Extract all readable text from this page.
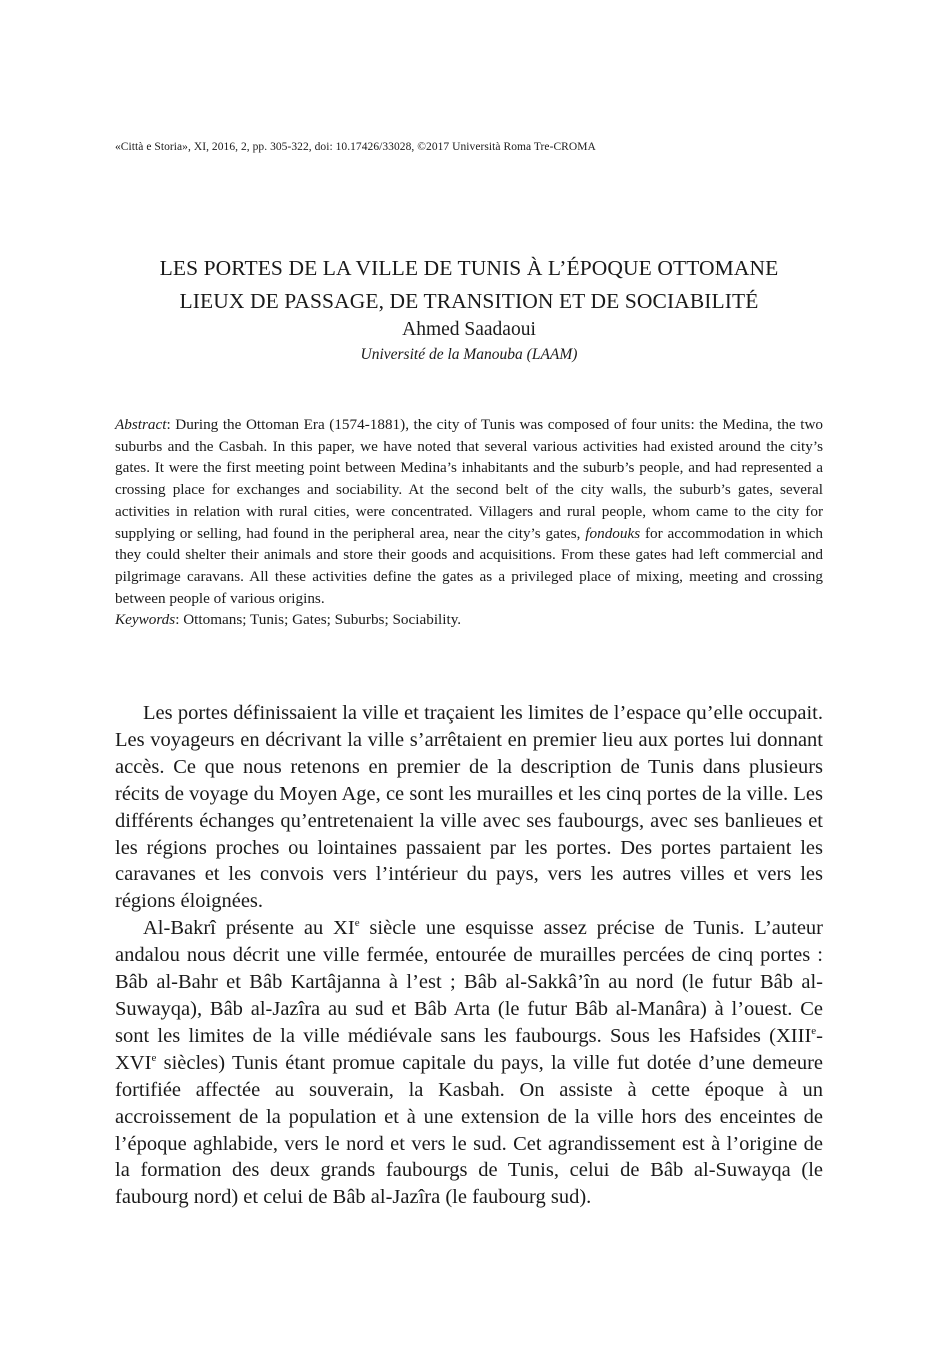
«Città e Storia», XI, 2016, 2, pp. 305-322, doi: 10.17426/33028, ©2017 Università Roma Tre-CROMA
LES PORTES DE LA VILLE DE TUNIS À L’ÉPOQUE OTTOMANE
LIEUX DE PASSAGE, DE TRANSITION ET DE SOCIABILITÉ
Ahmed Saadaoui
Université de la Manouba (LAAM)

Abstract: During the Ottoman Era (1574-1881), the city of Tunis was composed of four units: the Medina, the two suburbs and the Casbah. In this paper, we have noted that several various activities had existed around the city’s gates. It were the first meeting point between Medina’s inhabitants and the suburb’s people, and had represented a crossing place for exchanges and sociability. At the second belt of the city walls, the suburb’s gates, several activities in relation with rural cities, were concentrated. Villagers and rural people, whom came to the city for supplying or selling, had found in the peripheral area, near the city’s gates, fondouks for accommodation in which they could shelter their animals and store their goods and acquisitions. From these gates had left commercial and pilgrimage caravans. All these activities define the gates as a privileged place of mixing, meeting and crossing between people of various origins.

Keywords: Ottomans; Tunis; Gates; Suburbs; Sociability.

Les portes définissaient la ville et traçaient les limites de l’espace qu’elle occupait. Les voyageurs en décrivant la ville s’arrêtaient en premier lieu aux portes lui donnant accès. Ce que nous retenons en premier de la description de Tunis dans plusieurs récits de voyage du Moyen Age, ce sont les murailles et les cinq portes de la ville. Les différents échanges qu’entretenaient la ville avec ses faubourgs, avec ses banlieues et les régions proches ou lointaines passaient par les portes. Des portes partaient les caravanes et les convois vers l’intérieur du pays, vers les autres villes et vers les régions éloignées.

Al-Bakrî présente au XIe siècle une esquisse assez précise de Tunis. L’auteur andalou nous décrit une ville fermée, entourée de murailles percées de cinq portes : Bâb al-Bahr et Bâb Kartâjanna à l’est ; Bâb al-Sakkâ’în au nord (le futur Bâb al-Suwayqa), Bâb al-Jazîra au sud et Bâb Arta (le futur Bâb al-Manâra) à l’ouest. Ce sont les limites de la ville médiévale sans les faubourgs. Sous les Hafsides (XIIIe-XVIe siècles) Tunis étant promue capitale du pays, la ville fut dotée d’une demeure fortifiée affectée au souverain, la Kasbah. On assiste à cette époque à un accroissement de la population et à une extension de la ville hors des enceintes de l’époque aghlabide, vers le nord et vers le sud. Cet agrandissement est à l’origine de la formation des deux grands faubourgs de Tunis, celui de Bâb al-Suwayqa (le faubourg nord) et celui de Bâb al-Jazîra (le faubourg sud).
